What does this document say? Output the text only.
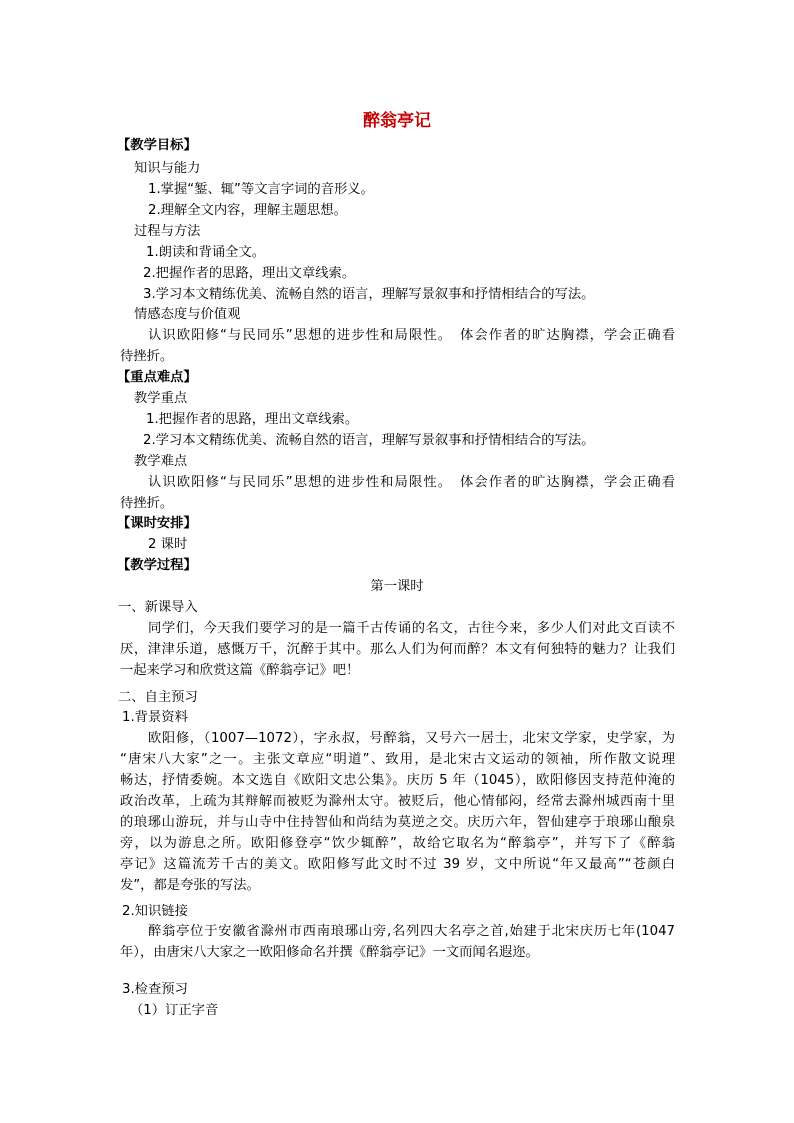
醉翁亭记
【教学目标】
知识与能力
1.掌握“錾、辄”等文言字词的音形义。
2.理解全文内容，理解主题思想。
过程与方法
1.朗读和背诵全文。
2.把握作者的思路，理出文章线索。
3.学习本文精练优美、流畅自然的语言，理解写景叙事和抒情相结合的写法。
情感态度与价值观
认识欧阳修“与民同乐”思想的进步性和局限性。　体会作者的旷达胸襟，学会正确看
待挫折。
【重点难点】
教学重点
1.把握作者的思路，理出文章线索。
2.学习本文精练优美、流畅自然的语言，理解写景叙事和抒情相结合的写法。
教学难点
认识欧阳修“与民同乐”思想的进步性和局限性。　体会作者的旷达胸襟，学会正确看
待挫折。
【课时安排】
2 课时
【教学过程】
第一课时
一、新课导入
同学们，今天我们要学习的是一篇千古传诵的名文，古往今来，多少人们对此文百读不
厌，津津乐道，感慨万千，沉醉于其中。那么人们为何而醉？本文有何独特的魅力？让我们
一起来学习和欣赏这篇《醉翁亭记》吧！
二、自主预习
1.背景资料
欧阳修，（1007—1072），字永叔，号醉翁，又号六一居士，北宋文学家，史学家，为
“唐宋八大家”之一。主张文章应“明道”、致用，是北宋古文运动的领袖，所作散文说理
畅达，抒情委婉。本文选自《欧阳文忠公集》。庆历 5 年（1045），欧阳修因支持范仲淹的
政治改革，上疏为其辩解而被贬为滁州太守。被贬后，他心情郁闷，经常去滁州城西南十里
的琅琊山游玩，并与山寺中住持智仙和尚结为莫逆之交。庆历六年，智仙建亭于琅琊山酿泉
旁，以为游息之所。欧阳修登亭“饮少辄醉”，故给它取名为“醉翁亭”，并写下了《醉翁
亭记》这篇流芳千古的美文。欧阳修写此文时不过 39 岁，文中所说“年又最高”“苍颜白
发”，都是夸张的写法。
2.知识链接
醉翁亭位于安徽省滁州市西南琅琊山旁,名列四大名亭之首,始建于北宋庆历七年(1047
年），由唐宋八大家之一欧阳修命名并撰《醉翁亭记》一文而闻名遐迩。
3.检查预习
（1）订正字音
